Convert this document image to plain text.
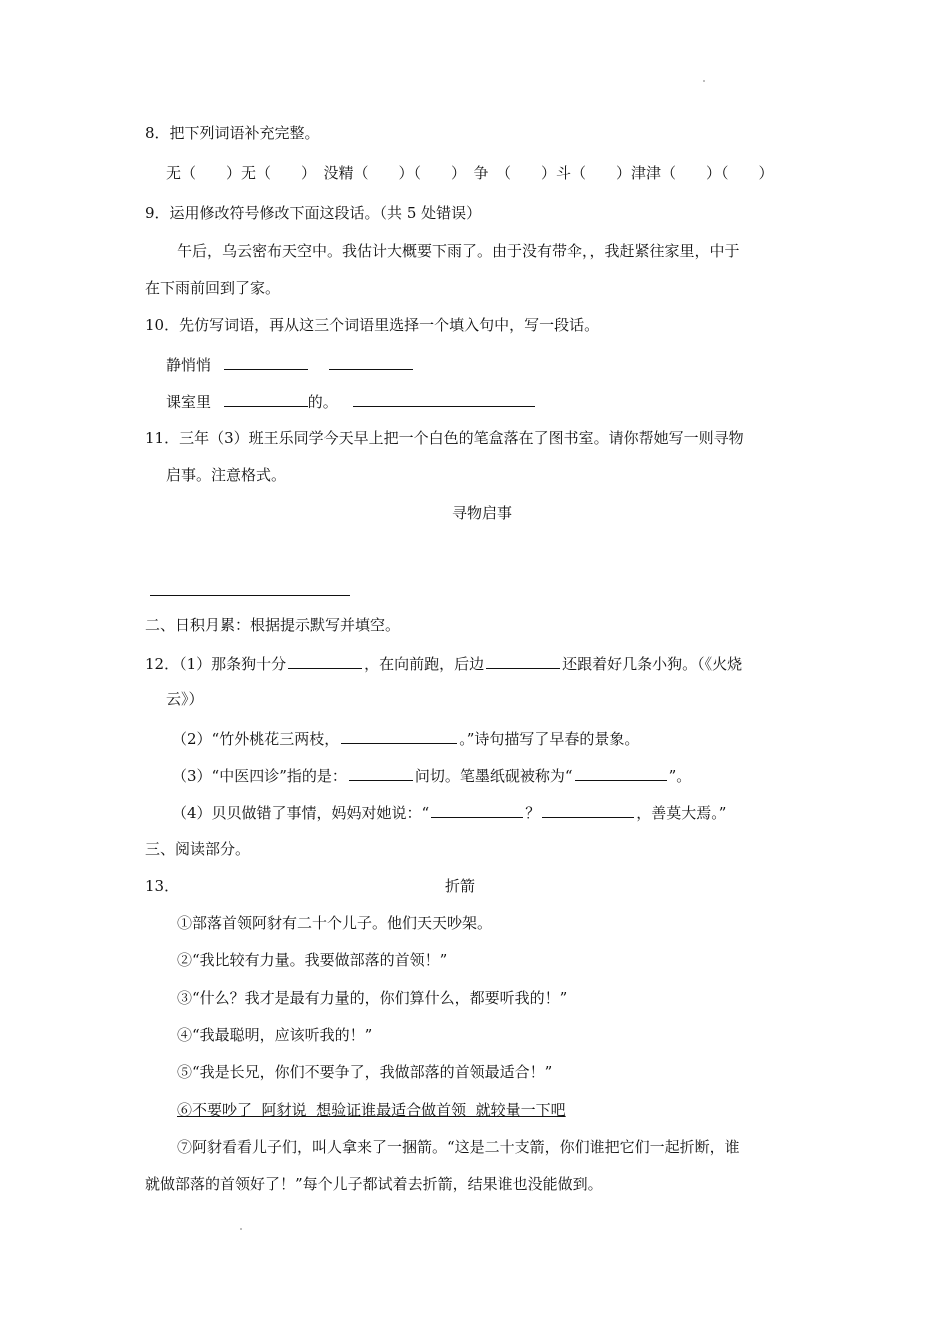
8．把下列词语补充完整。
无（　　）无（　　）　没精（　　）（　　）　争　（　　）斗（　　）津津（　　）（　　）
9．运用修改符号修改下面这段话。（共 5 处错误）
午后，乌云密布天空中。我估计大概要下雨了。由于没有带伞，，我赶紧往家里，中于
在下雨前回到了家。
10．先仿写词语，再从这三个词语里选择一个填入句中，写一段话。
静悄悄
课室里	的。
11．三年（3）班王乐同学今天早上把一个白色的笔盒落在了图书室。请你帮她写一则寻物
启事。注意格式。
寻物启事
二、日积月累：根据提示默写并填空。
12．（1）那条狗十分	，在向前跑，后边	还跟着好几条小狗。（《火烧
云》）
（2）“竹外桃花三两枝，	。”诗句描写了早春的景象。
（3）“中医四诊”指的是：	问切。笔墨纸砚被称为“	”。
（4）贝贝做错了事情，妈妈对她说：“	？	，善莫大焉。”
三、阅读部分。
13．	折箭
①部落首领阿豺有二十个儿子。他们天天吵架。
②“我比较有力量。我要做部落的首领！”
③“什么？我才是最有力量的，你们算什么，都要听我的！”
④“我最聪明，应该听我的！”
⑤“我是长兄，你们不要争了，我做部落的首领最适合！”
⑥不要吵了  阿豺说  想验证谁最适合做首领  就较量一下吧
⑦阿豺看看儿子们，叫人拿来了一捆箭。“这是二十支箭，你们谁把它们一起折断，谁
就做部落的首领好了！”每个儿子都试着去折箭，结果谁也没能做到。
